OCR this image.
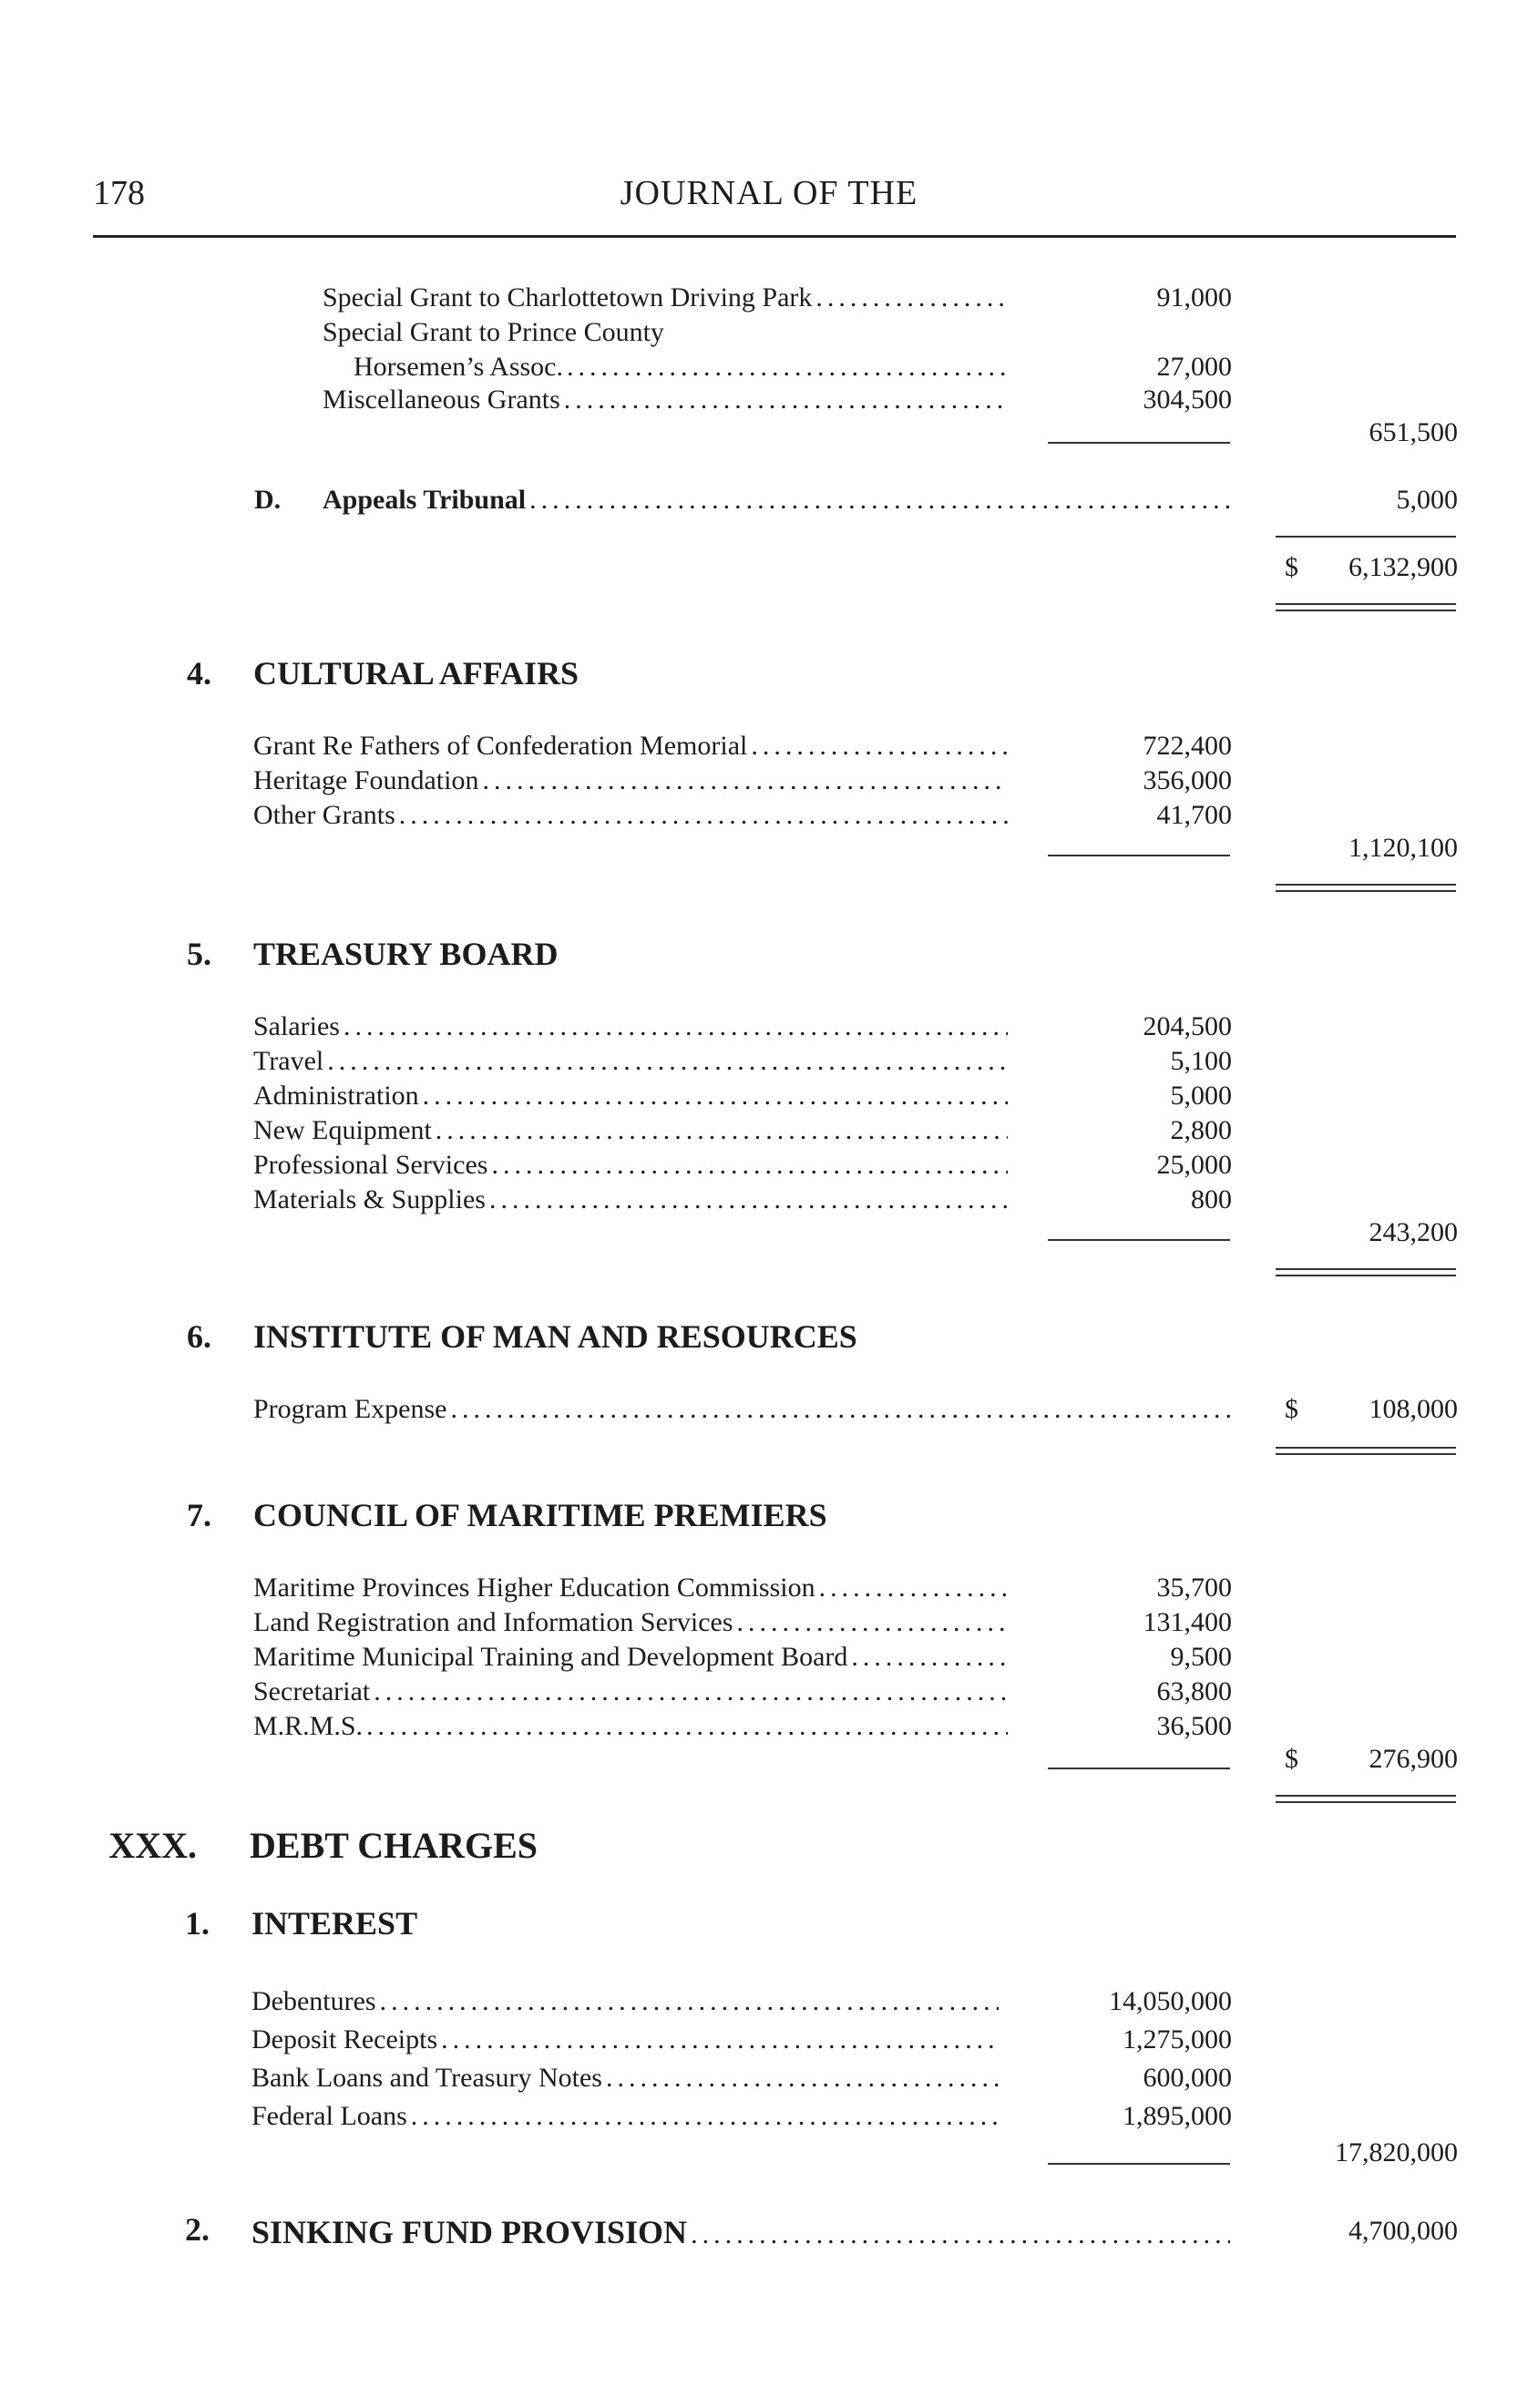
178	JOURNAL OF THE
Special Grant to Charlottetown Driving Park .....	91,000
Special Grant to Prince County
Horsemen’s Assoc. .....	27,000
Miscellaneous Grants .....	304,500
651,500
D. Appeals Tribunal .....	5,000
$	6,132,900
4. CULTURAL AFFAIRS
Grant Re Fathers of Confederation Memorial .....	722,400
Heritage Foundation .....	356,000
Other Grants .....	41,700
1,120,100
5. TREASURY BOARD
Salaries .....	204,500
Travel .....	5,100
Administration .....	5,000
New Equipment .....	2,800
Professional Services .....	25,000
Materials & Supplies .....	800
243,200
6. INSTITUTE OF MAN AND RESOURCES
Program Expense .....	$	108,000
7. COUNCIL OF MARITIME PREMIERS
Maritime Provinces Higher Education Commission .....	35,700
Land Registration and Information Services .....	131,400
Maritime Municipal Training and Development Board .....	9,500
Secretariat .....	63,800
M.R.M.S. .....	36,500
$	276,900
XXX. DEBT CHARGES
1. INTEREST
Debentures .....	14,050,000
Deposit Receipts .....	1,275,000
Bank Loans and Treasury Notes .....	600,000
Federal Loans .....	1,895,000
17,820,000
2. SINKING FUND PROVISION .....	4,700,000
